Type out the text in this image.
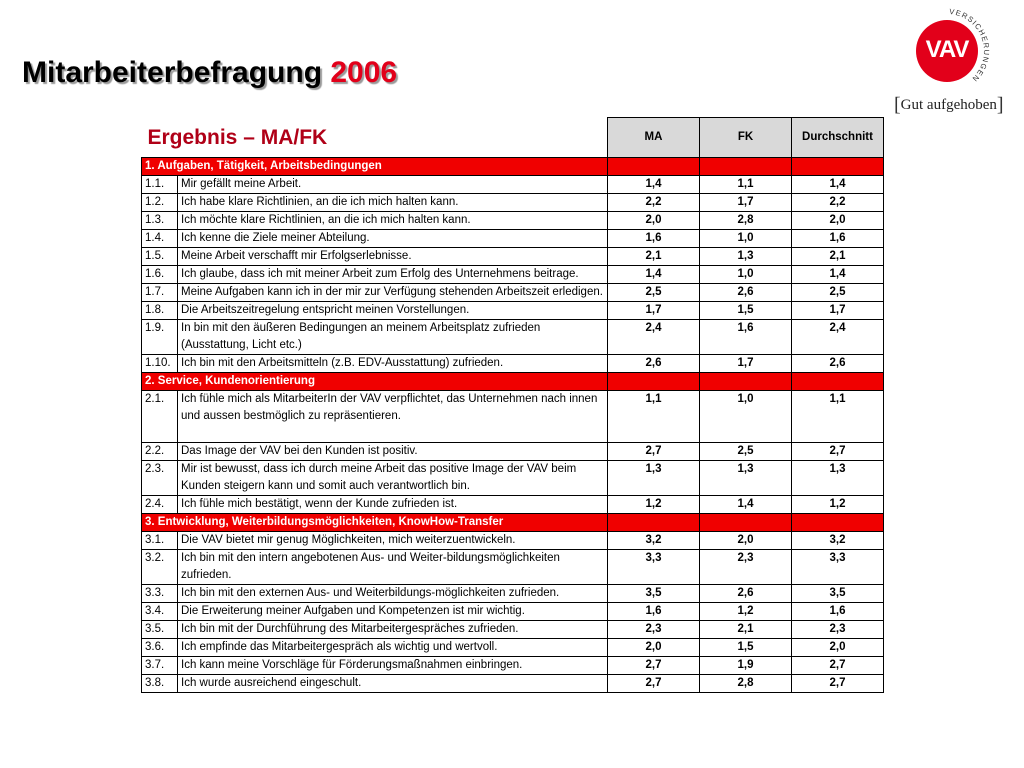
Mitarbeiterbefragung 2006
VERSICHERUNGEN
VAV
[Gut aufgehoben]
Ergebnis – MA/FK		MA	FK	Durchschnitt
1. Aufgaben, Tätigkeit, Arbeitsbedingungen				
1.1.	Mir gefällt meine Arbeit.	1,4	1,1	1,4
1.2.	Ich habe klare Richtlinien, an die ich mich halten kann.	2,2	1,7	2,2
1.3.	Ich möchte klare Richtlinien, an die ich mich halten kann.	2,0	2,8	2,0
1.4.	Ich kenne die Ziele meiner Abteilung.	1,6	1,0	1,6
1.5.	Meine Arbeit verschafft mir Erfolgserlebnisse.	2,1	1,3	2,1
1.6.	Ich glaube, dass ich mit meiner Arbeit zum Erfolg des Unternehmens beitrage.	1,4	1,0	1,4
1.7.	Meine Aufgaben kann ich in der mir zur Verfügung stehenden Arbeitszeit erledigen.	2,5	2,6	2,5
1.8.	Die Arbeitszeitregelung entspricht meinen Vorstellungen.	1,7	1,5	1,7
1.9.	In bin mit den äußeren Bedingungen an meinem Arbeitsplatz zufrieden (Ausstattung, Licht etc.)	2,4	1,6	2,4
1.10.	Ich bin mit den Arbeitsmitteln (z.B. EDV-Ausstattung) zufrieden.	2,6	1,7	2,6
2. Service, Kundenorientierung				
2.1.	Ich fühle mich als MitarbeiterIn der VAV verpflichtet, das Unternehmen nach innen und aussen bestmöglich zu repräsentieren.	1,1	1,0	1,1
2.2.	Das Image der VAV bei den Kunden ist positiv.	2,7	2,5	2,7
2.3.	Mir ist bewusst, dass ich durch meine Arbeit das positive Image der VAV beim Kunden steigern kann und somit auch verantwortlich bin.	1,3	1,3	1,3
2.4.	Ich fühle mich bestätigt, wenn der Kunde zufrieden ist.	1,2	1,4	1,2
3. Entwicklung, Weiterbildungsmöglichkeiten, KnowHow-Transfer				
3.1.	Die VAV bietet mir genug Möglichkeiten, mich weiterzuentwickeln.	3,2	2,0	3,2
3.2.	Ich bin mit den intern angebotenen Aus- und Weiter-bildungsmöglichkeiten zufrieden.	3,3	2,3	3,3
3.3.	Ich bin mit den externen Aus- und Weiterbildungs-möglichkeiten zufrieden.	3,5	2,6	3,5
3.4.	Die Erweiterung meiner Aufgaben und Kompetenzen ist mir wichtig.	1,6	1,2	1,6
3.5.	Ich bin mit der Durchführung des Mitarbeitergespräches zufrieden.	2,3	2,1	2,3
3.6.	Ich empfinde das Mitarbeitergespräch als wichtig und wertvoll.	2,0	1,5	2,0
3.7.	Ich kann meine Vorschläge für Förderungsmaßnahmen einbringen.	2,7	1,9	2,7
3.8.	Ich wurde ausreichend eingeschult.	2,7	2,8	2,7
